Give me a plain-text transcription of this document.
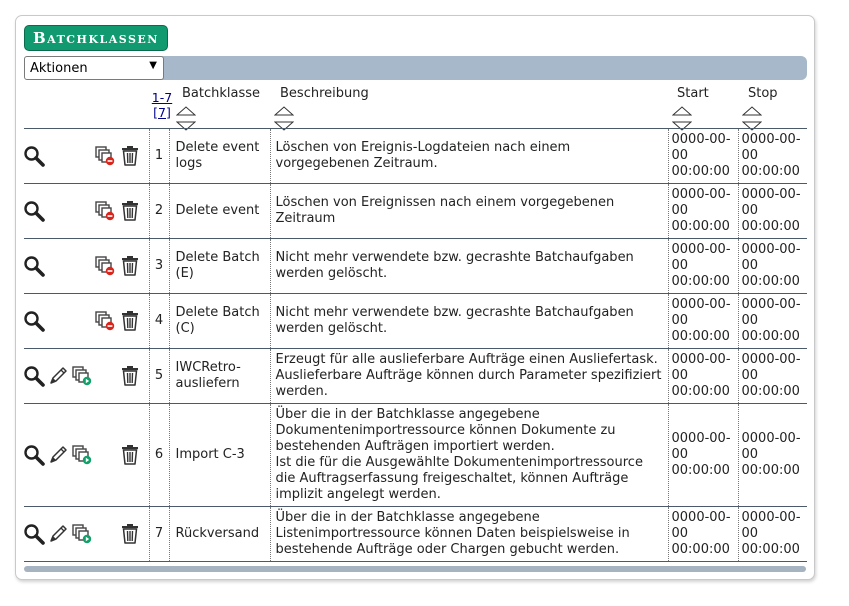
Batchklassen
Aktionen	▼
1-7
[7]
Batchklasse
Beschreibung
	Start
	Stop

	1	Delete event logs	Löschen von Ereignis-Logdateien nach einem vorgegebenen Zeitraum.	0000-00-00 00:00:00	0000-00-00 00:00:00

	2	Delete event	Löschen von Ereignissen nach einem vorgegebenen Zeitraum	0000-00-00 00:00:00	0000-00-00 00:00:00

	3	Delete Batch (E)	Nicht mehr verwendete bzw. gecrashte Batchaufgaben werden gelöscht.	0000-00-00 00:00:00	0000-00-00 00:00:00

	4	Delete Batch (C)	Nicht mehr verwendete bzw. gecrashte Batchaufgaben werden gelöscht.	0000-00-00 00:00:00	0000-00-00 00:00:00

	5	IWCRetro-ausliefern	Erzeugt für alle auslieferbare Aufträge einen Ausliefertask. Auslieferbare Aufträge können durch Parameter spezifiziert werden.	0000-00-00 00:00:00	0000-00-00 00:00:00

	6	Import C-3	Über die in der Batchklasse angegebene Dokumentenimportressource können Dokumente zu bestehenden Aufträgen importiert werden.
Ist die für die Ausgewählte Dokumentenimportressource die Auftragserfassung freigeschaltet, können Aufträge implizit angelegt werden.	0000-00-00 00:00:00	0000-00-00 00:00:00

	7	Rückversand	Über die in der Batchklasse angegebene Listenimportressource können Daten beispielsweise in bestehende Aufträge oder Chargen gebucht werden.	0000-00-00 00:00:00	0000-00-00 00:00:00
